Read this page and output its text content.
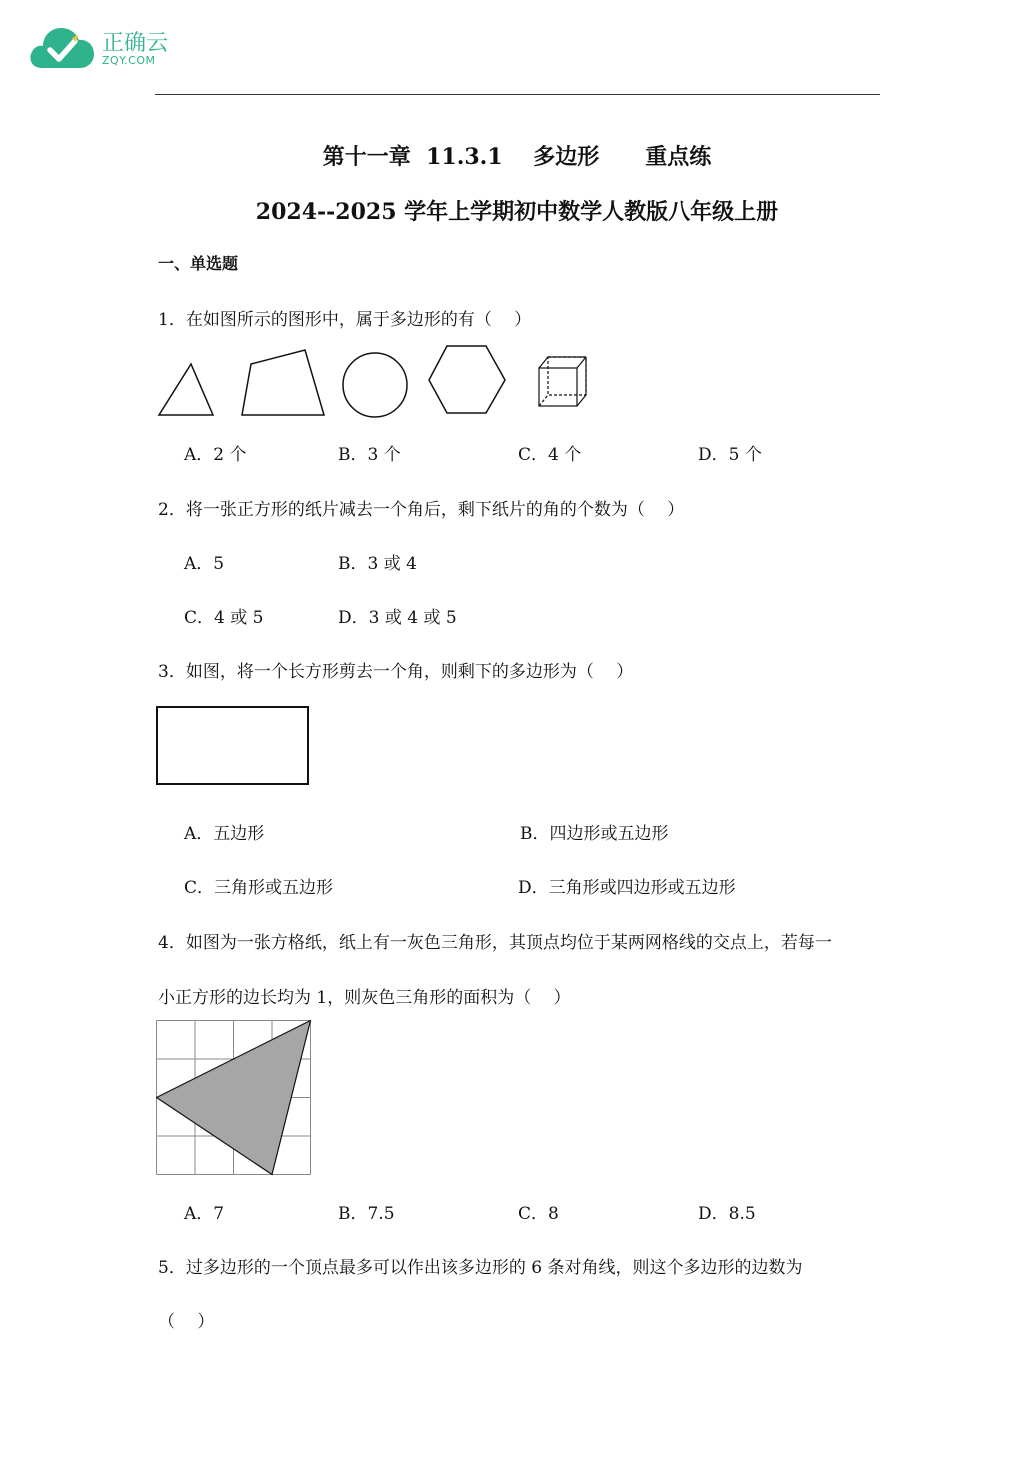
正确云
ZQY.COM
第十一章  11.3.1    多边形      重点练
2024--2025 学年上学期初中数学人教版八年级上册
一、单选题
1．在如图所示的图形中，属于多边形的有（　 ）
A．2 个	B．3 个	C．4 个	D．5 个
2．将一张正方形的纸片减去一个角后，剩下纸片的角的个数为（　 ）
A．5	B．3 或 4
C．4 或 5	D．3 或 4 或 5
3．如图，将一个长方形剪去一个角，则剩下的多边形为（　 ）
A．五边形	B．四边形或五边形
C．三角形或五边形	D．三角形或四边形或五边形
4．如图为一张方格纸，纸上有一灰色三角形，其顶点均位于某两网格线的交点上，若每一
小正方形的边长均为 1，则灰色三角形的面积为（　 ）
A．7	B．7.5	C．8	D．8.5
5．过多边形的一个顶点最多可以作出该多边形的 6 条对角线，则这个多边形的边数为
（　 ）
